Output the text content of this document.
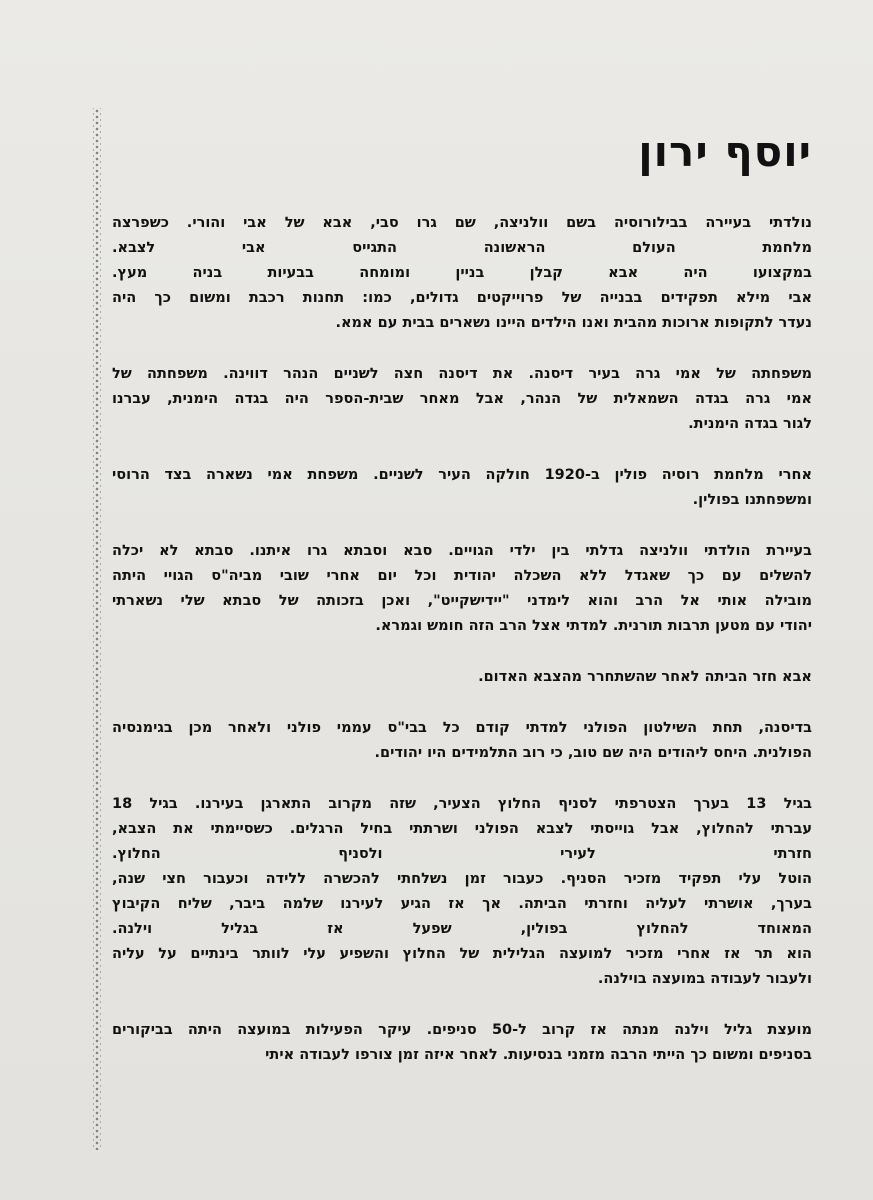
יוסף ירון

נולדתי בעיירה בבילורוסיה בשם וולניצה, שם גרו סבי, אבא של אבי והורי. כשפרצה
מלחמת העולם הראשונה התגייס אבי לצבא.
במקצועו היה אבא קבלן בניין ומומחה בבעיות בניה מעץ.
אבי מילא תפקידים בבנייה של פרוייקטים גדולים, כמו: תחנות רכבת ומשום כך היה
נעדר לתקופות ארוכות מהבית ואנו הילדים היינו נשארים בבית עם אמא.

משפחתה של אמי גרה בעיר דיסנה. את דיסנה חצה לשניים הנהר דווינה. משפחתה של
אמי גרה בגדה השמאלית של הנהר, אבל מאחר שבית-הספר היה בגדה הימנית, עברנו
לגור בגדה הימנית.

אחרי מלחמת רוסיה פולין ב-1920 חולקה העיר לשניים. משפחת אמי נשארה בצד הרוסי
ומשפחתנו בפולין.

בעיירת הולדתי וולניצה גדלתי בין ילדי הגויים. סבא וסבתא גרו איתנו. סבתא לא יכלה
להשלים עם כך שאגדל ללא השכלה יהודית וכל יום אחרי שובי מביה"ס הגויי היתה
מובילה אותי אל הרב והוא לימדני "יידישקייט", ואכן בזכותה של סבתא שלי נשארתי
יהודי עם מטען תרבות תורנית. למדתי אצל הרב הזה חומש וגמרא.

אבא חזר הביתה לאחר שהשתחרר מהצבא האדום.

בדיסנה, תחת השילטון הפולני למדתי קודם כל בבי"ס עממי פולני ולאחר מכן בגימנסיה
הפולנית. היחס ליהודים היה שם טוב, כי רוב התלמידים היו יהודים.

בגיל 13 בערך הצטרפתי לסניף החלוץ הצעיר, שזה מקרוב התארגן בעירנו. בגיל 18
עברתי להחלוץ, אבל גוייסתי לצבא הפולני ושרתתי בחיל הרגלים. כשסיימתי את הצבא,
חזרתי לעירי ולסניף החלוץ.
הוטל עלי תפקיד מזכיר הסניף. כעבור זמן נשלחתי להכשרה ללידה וכעבור חצי שנה,
בערך, אושרתי לעליה וחזרתי הביתה. אך אז הגיע לעירנו שלמה ביבר, שליח הקיבוץ
המאוחד להחלוץ בפולין, שפעל אז בגליל וילנה.
הוא תר אז אחרי מזכיר למועצה הגלילית של החלוץ והשפיע עלי לוותר בינתיים על עליה
ולעבור לעבודה במועצה בוילנה.

מועצת גליל וילנה מנתה אז קרוב ל-50 סניפים. עיקר הפעילות במועצה היתה בביקורים
בסניפים ומשום כך הייתי הרבה מזמני בנסיעות. לאחר איזה זמן צורפו לעבודה איתי
